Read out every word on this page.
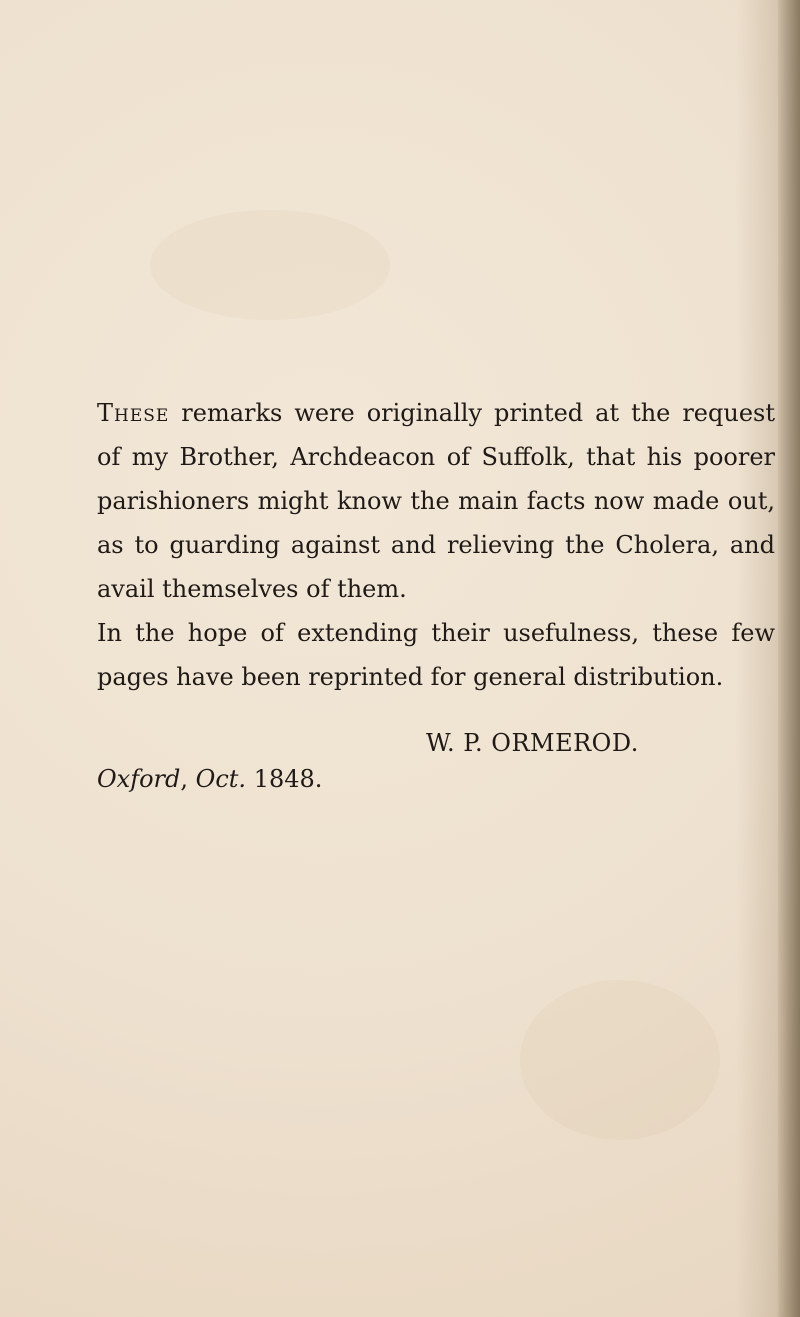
These remarks were originally printed at the request of my Brother, Archdeacon of Suffolk, that his poorer parishioners might know the main facts now made out, as to guarding against and relieving the Cholera, and avail themselves of them.

In the hope of extending their usefulness, these few pages have been reprinted for general distribution.

W. P. ORMEROD.
Oxford, Oct. 1848.
